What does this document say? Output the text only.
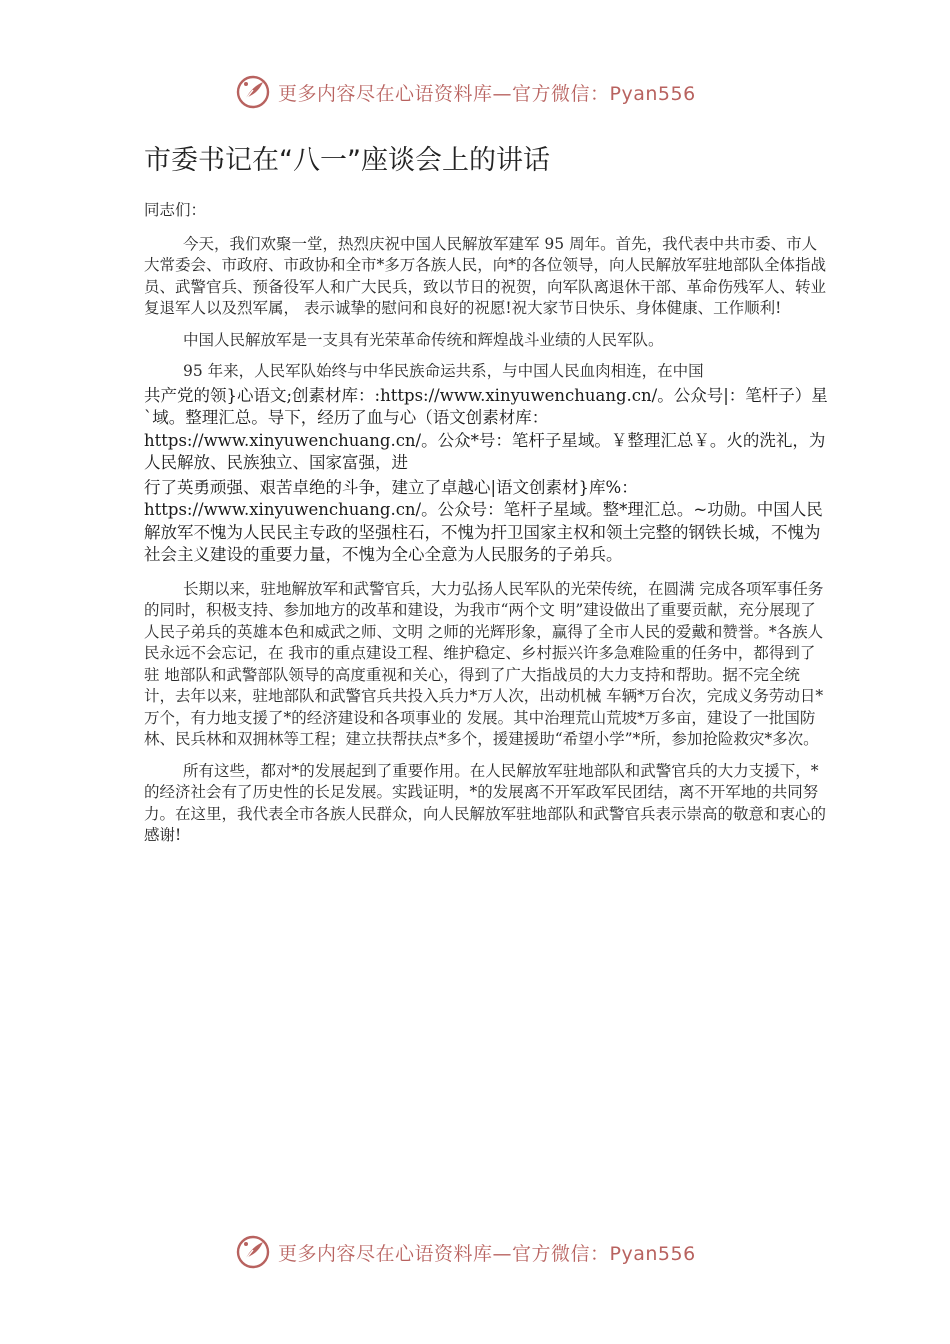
更多内容尽在心语资料库—官方微信：Pyan556
市委书记在“八一”座谈会上的讲话

同志们：

今天，我们欢聚一堂，热烈庆祝中国人民解放军建军 95 周年。首先，我代表中共市委、市人大常委会、市政府、市政协和全市*多万各族人民，向*的各位领导，向人民解放军驻地部队全体指战员、武警官兵、预备役军人和广大民兵，致以节日的祝贺，向军队离退休干部、革命伤残军人、转业复退军人以及烈军属， 表示诚挚的慰问和良好的祝愿!祝大家节日快乐、身体健康、工作顺利!

中国人民解放军是一支具有光荣革命传统和辉煌战斗业绩的人民军队。

95 年来，人民军队始终与中华民族命运共系，与中国人民血肉相连，在中国

共产党的领}心语文;创素材库：:https://www.xinyuwenchuang.cn/。公众号|：笔杆子）星`域。整理汇总。导下，经历了血与心（语文创素材库：https://www.xinyuwenchuang.cn/。公众*号：笔杆子星域。￥整理汇总￥。火的洗礼，为人民解放、民族独立、国家富强，进

行了英勇顽强、艰苦卓绝的斗争，建立了卓越心|语文创素材}库%：https://www.xinyuwenchuang.cn/。公众号：笔杆子星域。整*理汇总。~功勋。中国人民解放军不愧为人民民主专政的坚强柱石，不愧为扞卫国家主权和领土完整的钢铁长城，不愧为社会主义建设的重要力量，不愧为全心全意为人民服务的子弟兵。

长期以来，驻地解放军和武警官兵，大力弘扬人民军队的光荣传统，在圆满 完成各项军事任务的同时，积极支持、参加地方的改革和建设，为我市“两个文 明”建设做出了重要贡献，充分展现了人民子弟兵的英雄本色和威武之师、文明 之师的光辉形象，赢得了全市人民的爱戴和赞誉。*各族人民永远不会忘记，在 我市的重点建设工程、维护稳定、乡村振兴许多急难险重的任务中，都得到了驻 地部队和武警部队领导的高度重视和关心，得到了广大指战员的大力支持和帮助。据不完全统计，去年以来，驻地部队和武警官兵共投入兵力*万人次，出动机械 车辆*万台次，完成义务劳动日*万个，有力地支援了*的经济建设和各项事业的 发展。其中治理荒山荒坡*万多亩，建设了一批国防林、民兵林和双拥林等工程；建立扶帮扶点*多个，援建援助“希望小学”*所，参加抢险救灾*多次。

所有这些，都对*的发展起到了重要作用。在人民解放军驻地部队和武警官兵的大力支援下，*的经济社会有了历史性的长足发展。实践证明，*的发展离不开军政军民团结，离不开军地的共同努力。在这里，我代表全市各族人民群众，向人民解放军驻地部队和武警官兵表示崇高的敬意和衷心的感谢!

更多内容尽在心语资料库—官方微信：Pyan556
